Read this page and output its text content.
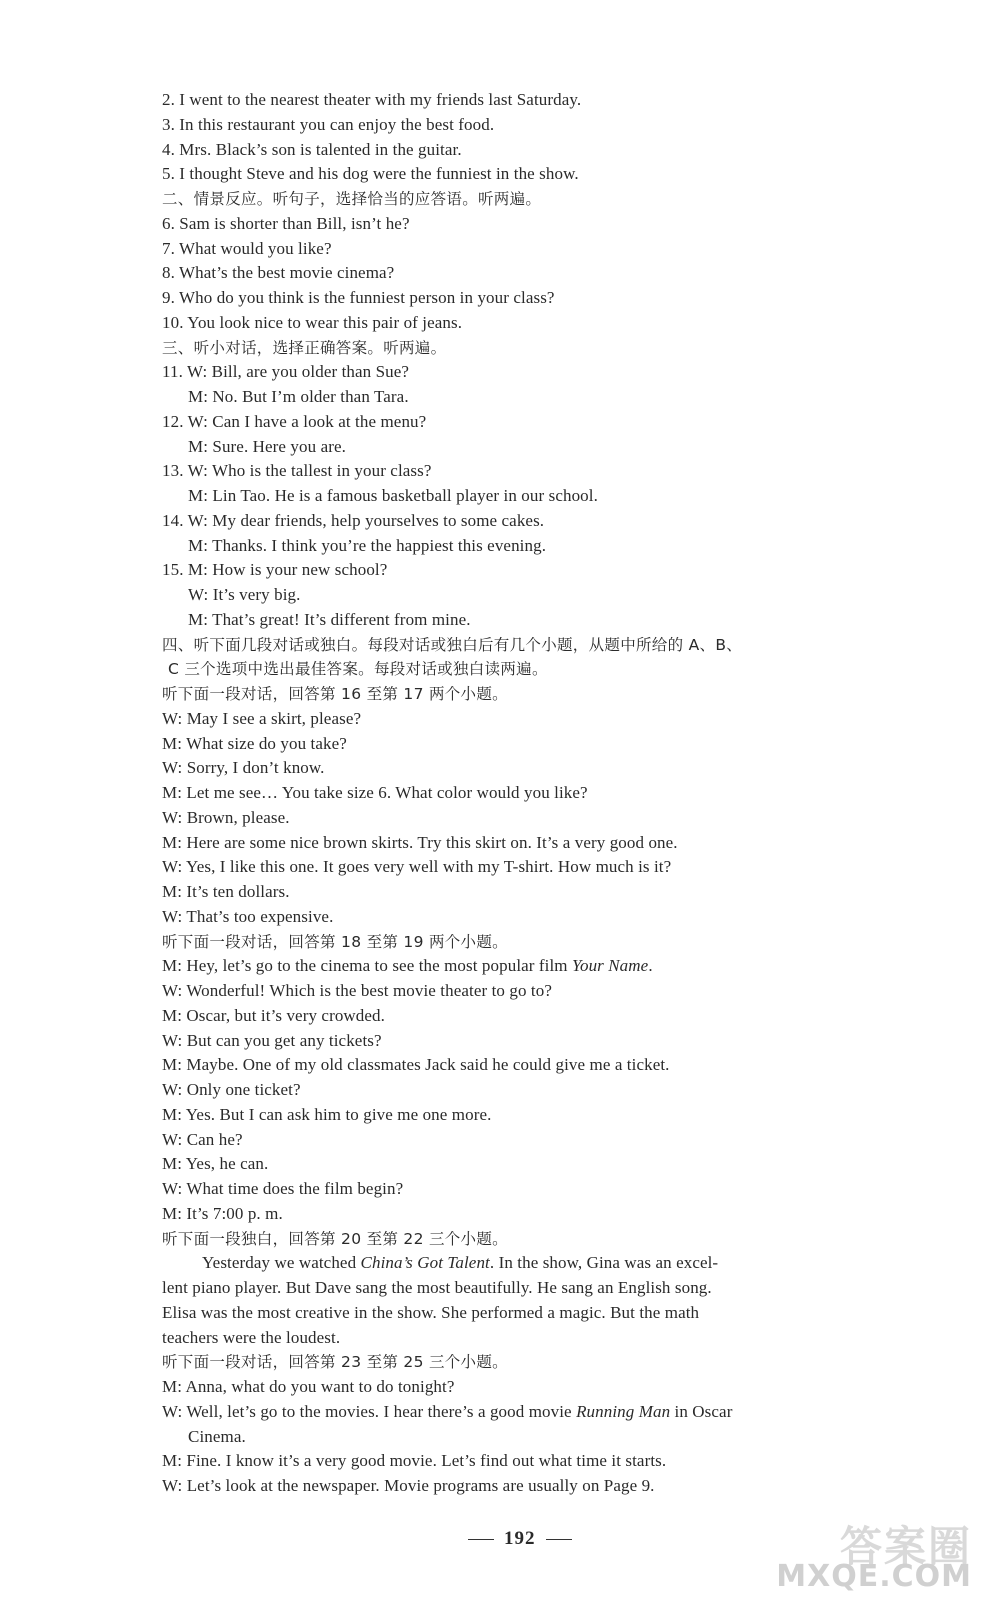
2. I went to the nearest theater with my friends last Saturday.
3. In this restaurant you can enjoy the best food.
4. Mrs. Black’s son is talented in the guitar.
5. I thought Steve and his dog were the funniest in the show.
二、情景反应。听句子，选择恰当的应答语。听两遍。
6. Sam is shorter than Bill, isn’t he?
7. What would you like?
8. What’s the best movie cinema?
9. Who do you think is the funniest person in your class?
10. You look nice to wear this pair of jeans.
三、听小对话，选择正确答案。听两遍。
11. W: Bill, are you older than Sue?
M: No. But I’m older than Tara.
12. W: Can I have a look at the menu?
M: Sure. Here you are.
13. W: Who is the tallest in your class?
M: Lin Tao. He is a famous basketball player in our school.
14. W: My dear friends, help yourselves to some cakes.
M: Thanks. I think you’re the happiest this evening.
15. M: How is your new school?
W: It’s very big.
M: That’s great! It’s different from mine.
四、听下面几段对话或独白。每段对话或独白后有几个小题，从题中所给的 A、B、
C 三个选项中选出最佳答案。每段对话或独白读两遍。
听下面一段对话，回答第 16 至第 17 两个小题。
W: May I see a skirt, please?
M: What size do you take?
W: Sorry, I don’t know.
M: Let me see… You take size 6. What color would you like?
W: Brown, please.
M: Here are some nice brown skirts. Try this skirt on. It’s a very good one.
W: Yes, I like this one. It goes very well with my T-shirt. How much is it?
M: It’s ten dollars.
W: That’s too expensive.
听下面一段对话，回答第 18 至第 19 两个小题。
M: Hey, let’s go to the cinema to see the most popular film Your Name.
W: Wonderful! Which is the best movie theater to go to?
M: Oscar, but it’s very crowded.
W: But can you get any tickets?
M: Maybe. One of my old classmates Jack said he could give me a ticket.
W: Only one ticket?
M: Yes. But I can ask him to give me one more.
W: Can he?
M: Yes, he can.
W: What time does the film begin?
M: It’s 7:00 p. m.
听下面一段独白，回答第 20 至第 22 三个小题。
Yesterday we watched China’s Got Talent. In the show, Gina was an excel-
lent piano player. But Dave sang the most beautifully. He sang an English song.
Elisa was the most creative in the show. She performed a magic. But the math
teachers were the loudest.
听下面一段对话，回答第 23 至第 25 三个小题。
M: Anna, what do you want to do tonight?
W: Well, let’s go to the movies. I hear there’s a good movie Running Man in Oscar
Cinema.
M: Fine. I know it’s a very good movie. Let’s find out what time it starts.
W: Let’s look at the newspaper. Movie programs are usually on Page 9.
192	答案圈
MXQE.COM
